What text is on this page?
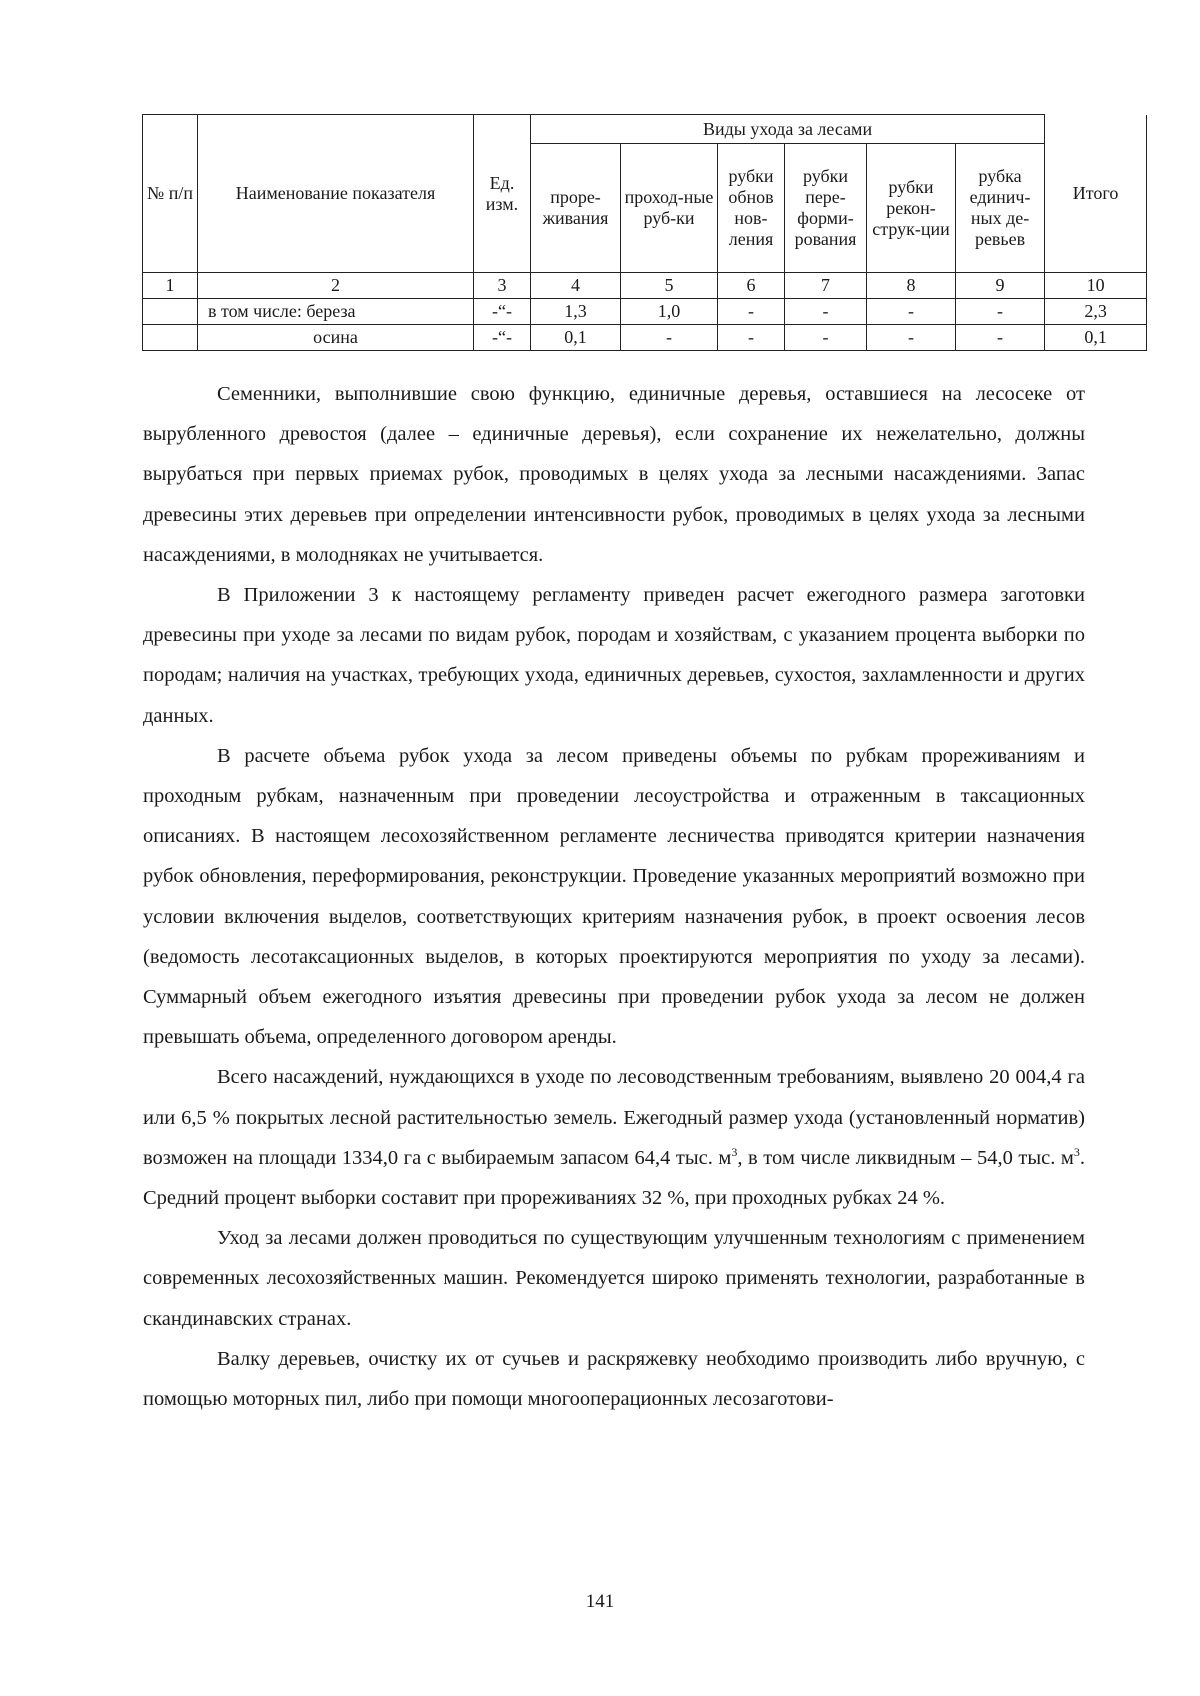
№ п/п	Наименование показателя	Ед. изм.	Виды ухода за лесами						Итого
			прорe-живания	проход-ные руб-ки	рубки обнов нов-ления	рубки пере-форми-рования	рубки рекон-струк-ции	рубка единич-ных де-ревьев	
1	2	3	4	5	6	7	8	9	10
	в том числе: береза	-“-	1,3	1,0	-	-	-	-	2,3
	осина	-“-	0,1	-	-	-	-	-	0,1

Семенники, выполнившие свою функцию, единичные деревья, оставшиеся на лесосеке от вырубленного древостоя (далее – единичные деревья), если сохранение их нежелательно, должны вырубаться при первых приемах рубок, проводимых в целях ухода за лесными насаждениями. Запас древесины этих деревьев при определении интенсивности рубок, проводимых в целях ухода за лесными насаждениями, в молодняках не учитывается.

В Приложении 3 к настоящему регламенту приведен расчет ежегодного размера заготовки древесины при уходе за лесами по видам рубок, породам и хозяйствам, с указанием процента выборки по породам; наличия на участках, требующих ухода, единичных деревьев, сухостоя, захламленности и других данных.

В расчете объема рубок ухода за лесом приведены объемы по рубкам прореживаниям и проходным рубкам, назначенным при проведении лесоустройства и отраженным в таксационных описаниях. В настоящем лесохозяйственном регламенте лесничества приводятся критерии назначения рубок обновления, переформирования, реконструкции. Проведение указанных мероприятий возможно при условии включения выделов, соответствующих критериям назначения рубок, в проект освоения лесов (ведомость лесотаксационных выделов, в которых проектируются мероприятия по уходу за лесами). Суммарный объем ежегодного изъятия древесины при проведении рубок ухода за лесом не должен превышать объема, определенного договором аренды.

Всего насаждений, нуждающихся в уходе по лесоводственным требованиям, выявлено 20 004,4 га или 6,5 % покрытых лесной растительностью земель. Ежегодный размер ухода (установленный норматив) возможен на площади 1334,0 га с выбираемым запасом 64,4 тыс. $м^3$, в том числе ликвидным – 54,0 тыс. $м^3$. Средний процент выборки составит при прореживаниях 32 %, при проходных рубках 24 %.

Уход за лесами должен проводиться по существующим улучшенным технологиям с применением современных лесохозяйственных машин. Рекомендуется широко применять технологии, разработанные в скандинавских странах.

Валку деревьев, очистку их от сучьев и раскряжевку необходимо производить либо вручную, с помощью моторных пил, либо при помощи многооперационных лесозаготови-

141
